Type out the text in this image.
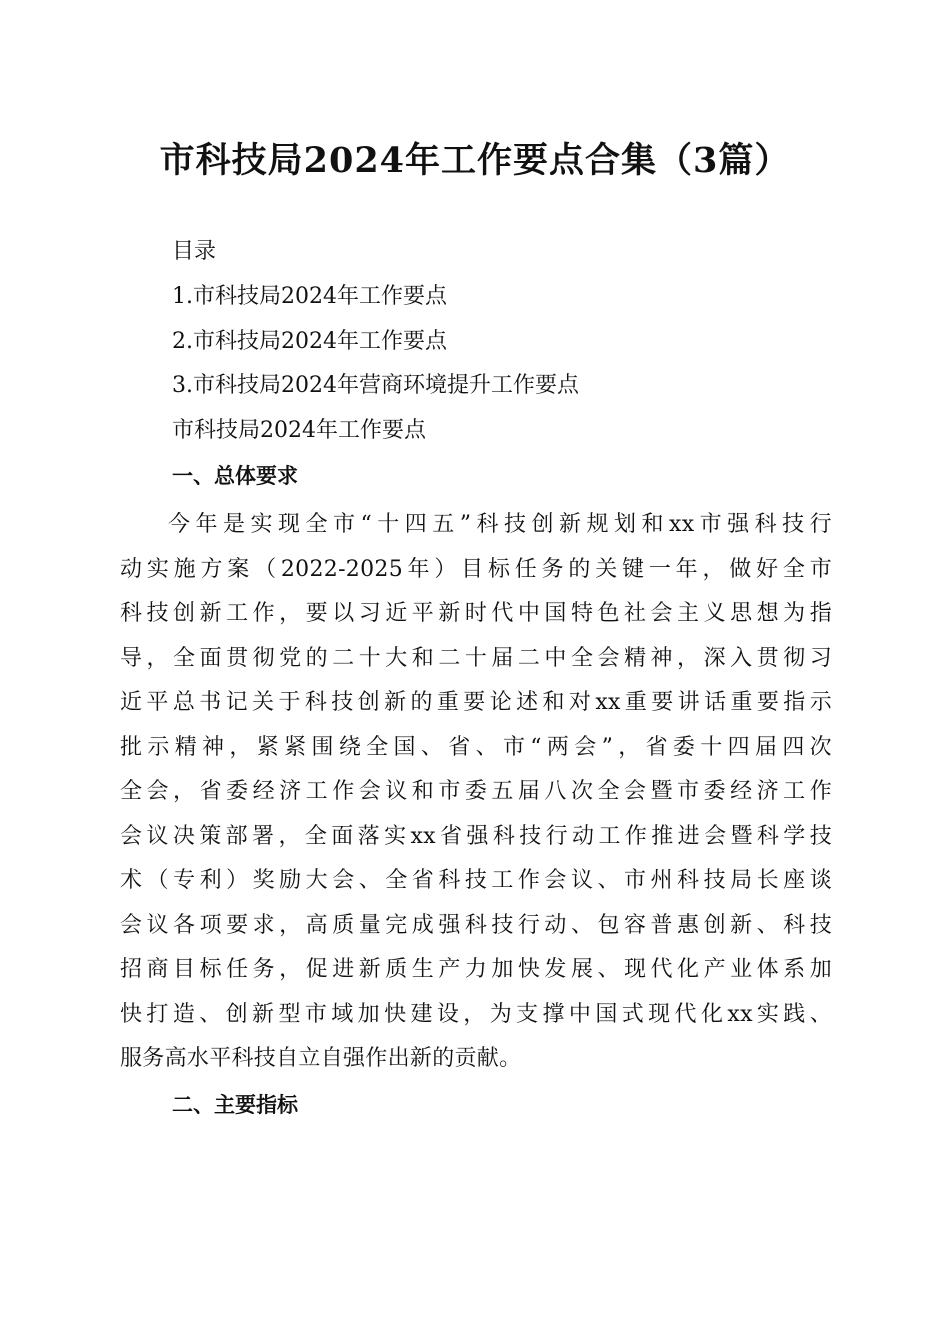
市科技局2024年工作要点合集（3篇）

目录

1.市科技局2024年工作要点

2.市科技局2024年工作要点

3.市科技局2024年营商环境提升工作要点

市科技局2024年工作要点

一、总体要求

今年是实现全市“十四五”科技创新规划和xx市强科技行
动实施方案（2022-2025年）目标任务的关键一年，做好全市
科技创新工作，要以习近平新时代中国特色社会主义思想为指
导，全面贯彻党的二十大和二十届二中全会精神，深入贯彻习
近平总书记关于科技创新的重要论述和对xx重要讲话重要指示
批示精神，紧紧围绕全国、省、市“两会”，省委十四届四次
全会，省委经济工作会议和市委五届八次全会暨市委经济工作
会议决策部署，全面落实xx省强科技行动工作推进会暨科学技
术（专利）奖励大会、全省科技工作会议、市州科技局长座谈
会议各项要求，高质量完成强科技行动、包容普惠创新、科技
招商目标任务，促进新质生产力加快发展、现代化产业体系加
快打造、创新型市域加快建设，为支撑中国式现代化xx实践、
服务高水平科技自立自强作出新的贡献。

二、主要指标
